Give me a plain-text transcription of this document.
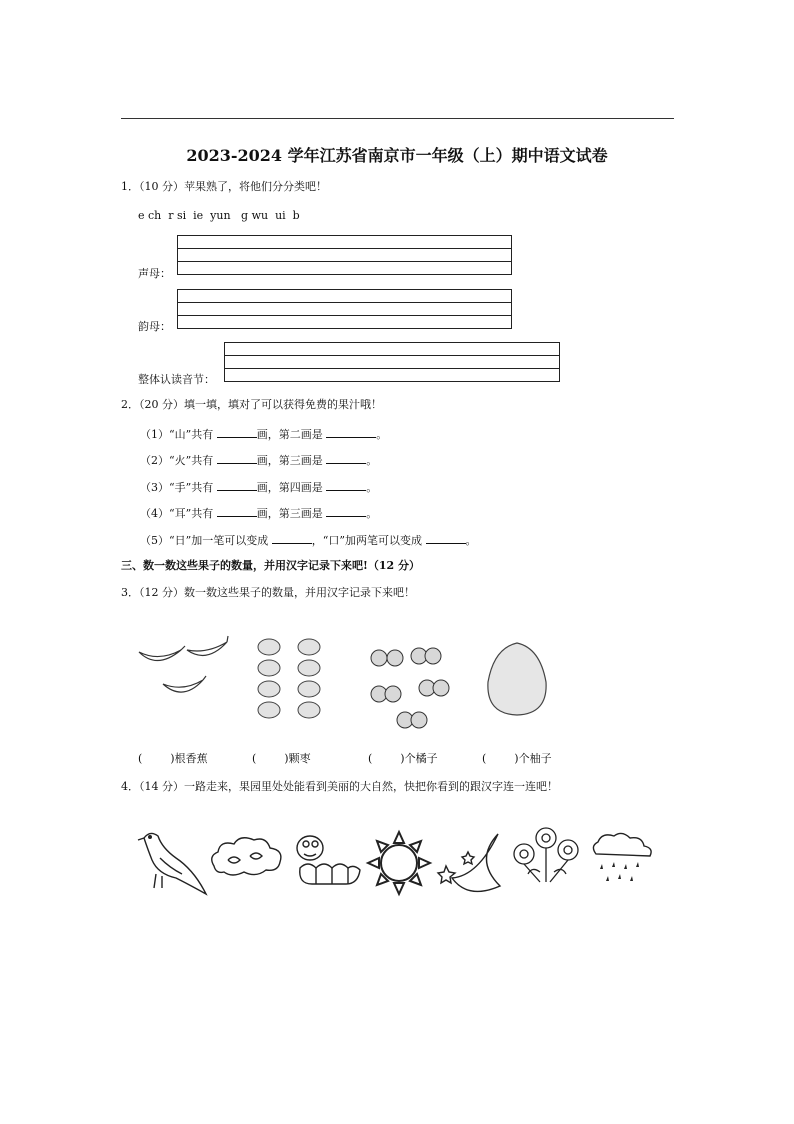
2023-2024 学年江苏省南京市一年级（上）期中语文试卷
1．（10 分）苹果熟了，将他们分分类吧！
e ch  r si  ie  yun   g wu  ui  b
声母：
韵母：
整体认读音节：
2．（20 分）填一填，填对了可以获得免费的果汁哦！
（1）“山”共有	画，第二画是	。
（2）“火”共有	画，第三画是	。
（3）“手”共有	画，第四画是	。
（4）“耳”共有	画，第三画是	。
（5）“日”加一笔可以变成	，“口”加两笔可以变成	。
三、数一数这些果子的数量，并用汉字记录下来吧!（12 分）
3．（12 分）数一数这些果子的数量，并用汉字记录下来吧！
(	)根香蕉	(	)颗枣	(	)个橘子	(	)个柚子
4．（14 分）一路走来，果园里处处能看到美丽的大自然，快把你看到的跟汉字连一连吧！
